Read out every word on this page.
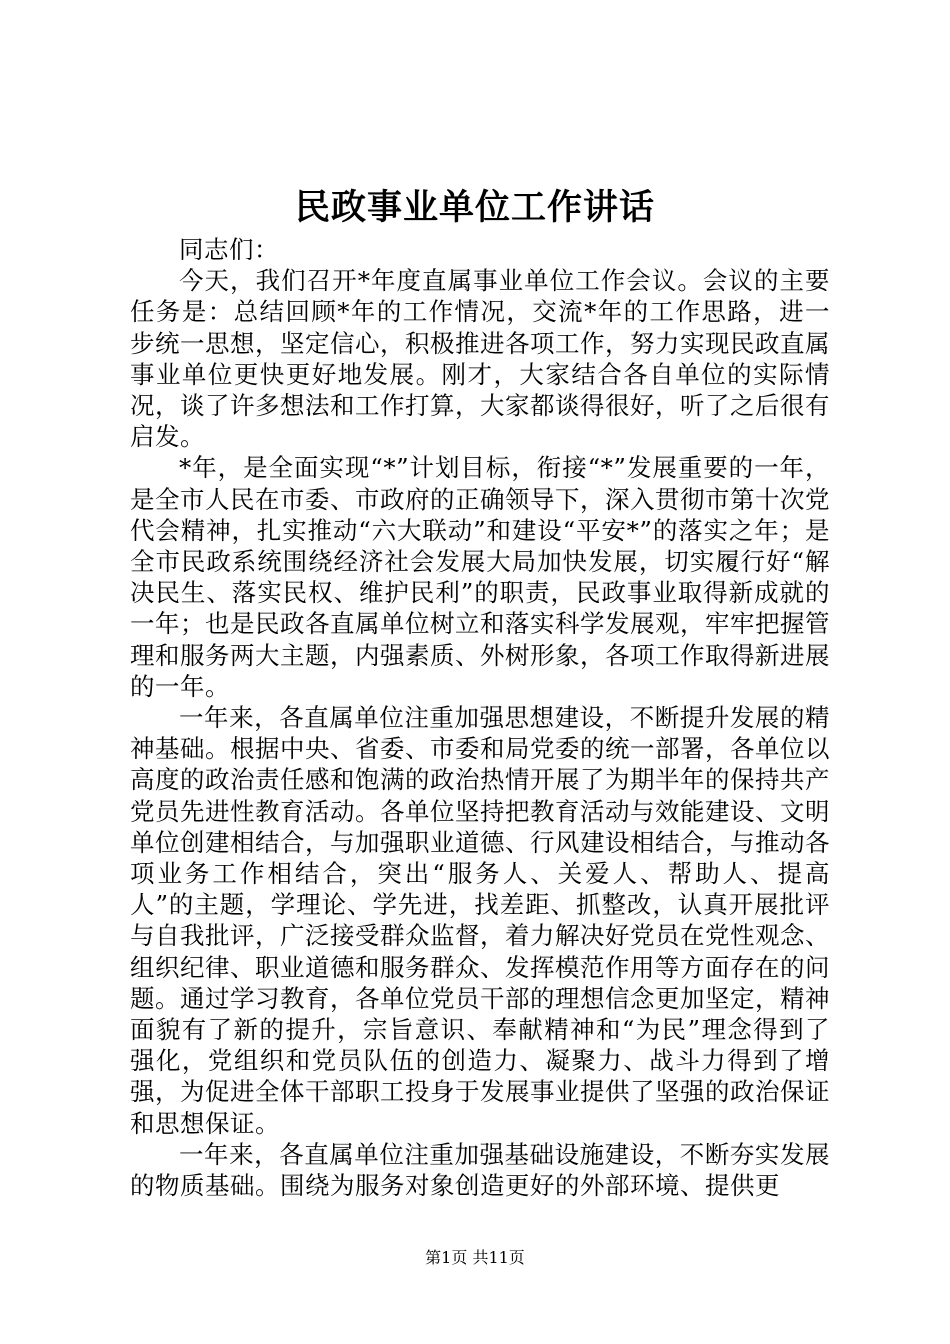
民政事业单位工作讲话

同志们：

今天，我们召开*年度直属事业单位工作会议。会议的主要任务是：总结回顾*年的工作情况，交流*年的工作思路，进一步统一思想，坚定信心，积极推进各项工作，努力实现民政直属事业单位更快更好地发展。刚才，大家结合各自单位的实际情况，谈了许多想法和工作打算，大家都谈得很好，听了之后很有启发。

*年，是全面实现“*”计划目标，衔接“*”发展重要的一年，是全市人民在市委、市政府的正确领导下，深入贯彻市第十次党代会精神，扎实推动“六大联动”和建设“平安*”的落实之年；是全市民政系统围绕经济社会发展大局加快发展，切实履行好“解决民生、落实民权、维护民利”的职责，民政事业取得新成就的一年；也是民政各直属单位树立和落实科学发展观，牢牢把握管理和服务两大主题，内强素质、外树形象，各项工作取得新进展的一年。

一年来，各直属单位注重加强思想建设，不断提升发展的精神基础。根据中央、省委、市委和局党委的统一部署，各单位以高度的政治责任感和饱满的政治热情开展了为期半年的保持共产党员先进性教育活动。各单位坚持把教育活动与效能建设、文明单位创建相结合，与加强职业道德、行风建设相结合，与推动各项业务工作相结合，突出“服务人、关爱人、帮助人、提高人”的主题，学理论、学先进，找差距、抓整改，认真开展批评与自我批评，广泛接受群众监督，着力解决好党员在党性观念、组织纪律、职业道德和服务群众、发挥模范作用等方面存在的问题。通过学习教育，各单位党员干部的理想信念更加坚定，精神面貌有了新的提升，宗旨意识、奉献精神和“为民”理念得到了强化，党组织和党员队伍的创造力、凝聚力、战斗力得到了增强，为促进全体干部职工投身于发展事业提供了坚强的政治保证和思想保证。

一年来，各直属单位注重加强基础设施建设，不断夯实发展的物质基础。围绕为服务对象创造更好的外部环境、提供更

第1页 共11页
